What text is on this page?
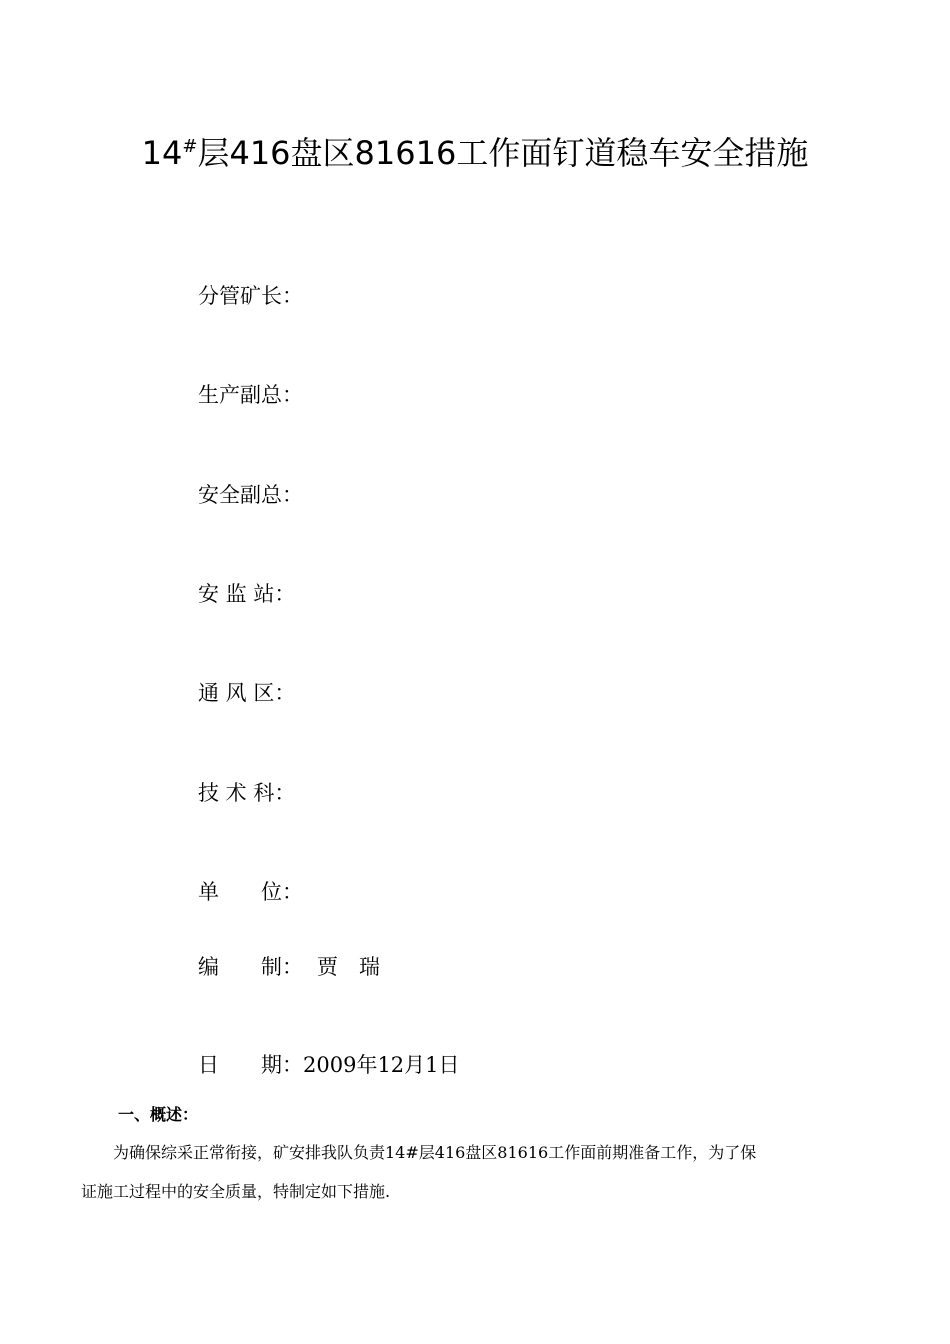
14#层416盘区81616工作面钉道稳车安全措施
分管矿长：
生产副总：
安全副总：
安 监 站：
通 风 区：
技 术 科：
单　　位：
编　　制： 贾　瑞
日　　期：2009年12月1日
一、概述：
　　为确保综采正常衔接，矿安排我队负责14#层416盘区81616工作面前期准备工作，为了保
证施工过程中的安全质量，特制定如下措施.
